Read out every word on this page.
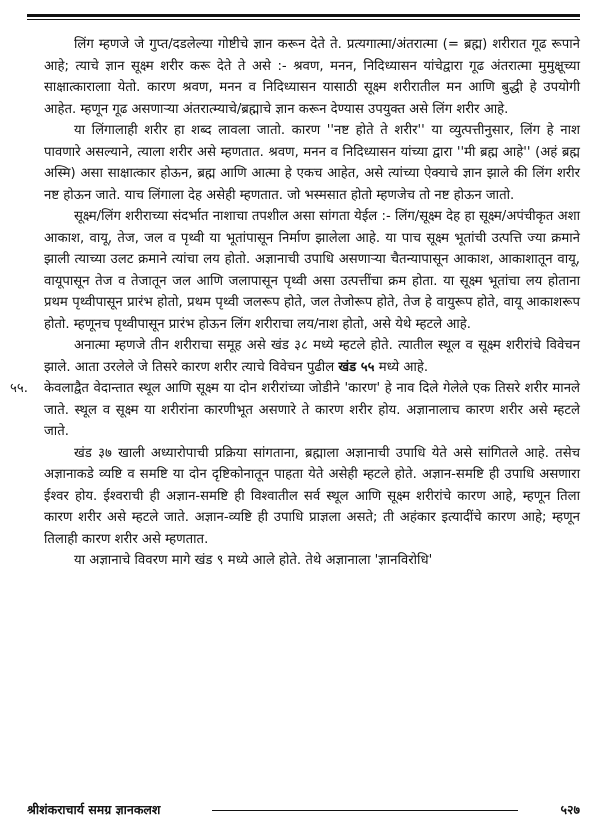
लिंग म्हणजे जे गुप्त/दडलेल्या गोष्टीचे ज्ञान करून देते ते. प्रत्यगात्मा/अंतरात्मा (= ब्रह्म) शरीरात गूढ रूपाने आहे; त्याचे ज्ञान सूक्ष्म शरीर करू देते ते असे :- श्रवण, मनन, निदिध्यासन यांचेद्वारा गूढ अंतरात्मा मुमुक्षूच्या साक्षात्कारालाा येतो. कारण श्रवण, मनन व निदिध्यासन यासाठी सूक्ष्म शरीरातील मन आणि बुद्धी हे उपयोगी आहेत. म्हणून गूढ असणाऱ्या अंतरात्म्याचे/ब्रह्माचे ज्ञान करून देण्यास उपयुक्त असे लिंग शरीर आहे.

या लिंगालाही शरीर हा शब्द लावला जातो. कारण ''नष्ट होते ते शरीर'' या व्युत्पत्तीनुसार, लिंग हे नाश पावणारे असल्याने, त्याला शरीर असे म्हणतात. श्रवण, मनन व निदिध्यासन यांच्या द्वारा ''मी ब्रह्म आहे'' (अहं ब्रह्म अस्मि) असा साक्षात्कार होऊन, ब्रह्म आणि आत्मा हे एकच आहेत, असे त्यांच्या ऐक्याचे ज्ञान झाले की लिंग शरीर नष्ट होऊन जाते. याच लिंगाला देह असेही म्हणतात. जो भस्मसात होतो म्हणजेच तो नष्ट होऊन जातो.

सूक्ष्म/लिंग शरीराच्या संदर्भात नाशाचा तपशील असा सांगता येईल :- लिंग/सूक्ष्म देह हा सूक्ष्म/अपंचीकृत अशा आकाश, वायू, तेज, जल व पृथ्वी या भूतांपासून निर्माण झालेला आहे. या पाच सूक्ष्म भूतांची उत्पत्ति ज्या क्रमाने झाली त्याच्या उलट क्रमाने त्यांचा लय होतो. अज्ञानाची उपाधि असणाऱ्या चैतन्यापासून आकाश, आकाशातून वायू, वायूपासून तेज व तेजातून जल आणि जलापासून पृथ्वी असा उत्पत्तींचा क्रम होता. या सूक्ष्म भूतांचा लय होताना प्रथम पृथ्वीपासून प्रारंभ होतो, प्रथम पृथ्वी जलरूप होते, जल तेजोरूप होते, तेज हे वायुरूप होते, वायू आकाशरूप होतो. म्हणूनच पृथ्वीपासून प्रारंभ होऊन लिंग शरीराचा लय/नाश होतो, असे येथे म्हटले आहे.

अनात्मा म्हणजे तीन शरीराचा समूह असे खंड ३८ मध्ये म्हटले होते. त्यातील स्थूल व सूक्ष्म शरीरांचे विवेचन झाले. आता उरलेले जे तिसरे कारण शरीर त्याचे विवेचन पुढील खंड ५५ मध्ये आहे.

५५.	केवलाद्वैत वेदान्तात स्थूल आणि सूक्ष्म या दोन शरीरांच्या जोडीने 'कारण' हे नाव दिले गेलेले एक तिसरे शरीर मानले जाते. स्थूल व सूक्ष्म या शरीरांना कारणीभूत असणारे ते कारण शरीर होय. अज्ञानालाच कारण शरीर असे म्हटले जाते.

खंड ३७ खाली अध्यारोपाची प्रक्रिया सांगताना, ब्रह्माला अज्ञानाची उपाधि येते असे सांगितले आहे. तसेच अज्ञानाकडे व्यष्टि व समष्टि या दोन दृष्टिकोनातून पाहता येते असेही म्हटले होते. अज्ञान-समष्टि ही उपाधि असणारा ईश्वर होय. ईश्वराची ही अज्ञान-समष्टि ही विश्वातील सर्व स्थूल आणि सूक्ष्म शरीरांचे कारण आहे, म्हणून तिला कारण शरीर असे म्हटले जाते. अज्ञान-व्यष्टि ही उपाधि प्राज्ञला असते; ती अहंकार इत्यादींचे कारण आहे; म्हणून तिलाही कारण शरीर असे म्हणतात.

या अज्ञानाचे विवरण मागे खंड ९ मध्ये आले होते. तेथे अज्ञानाला 'ज्ञानविरोधि'

श्रीशंकराचार्य समग्र ज्ञानकलश	५२७
